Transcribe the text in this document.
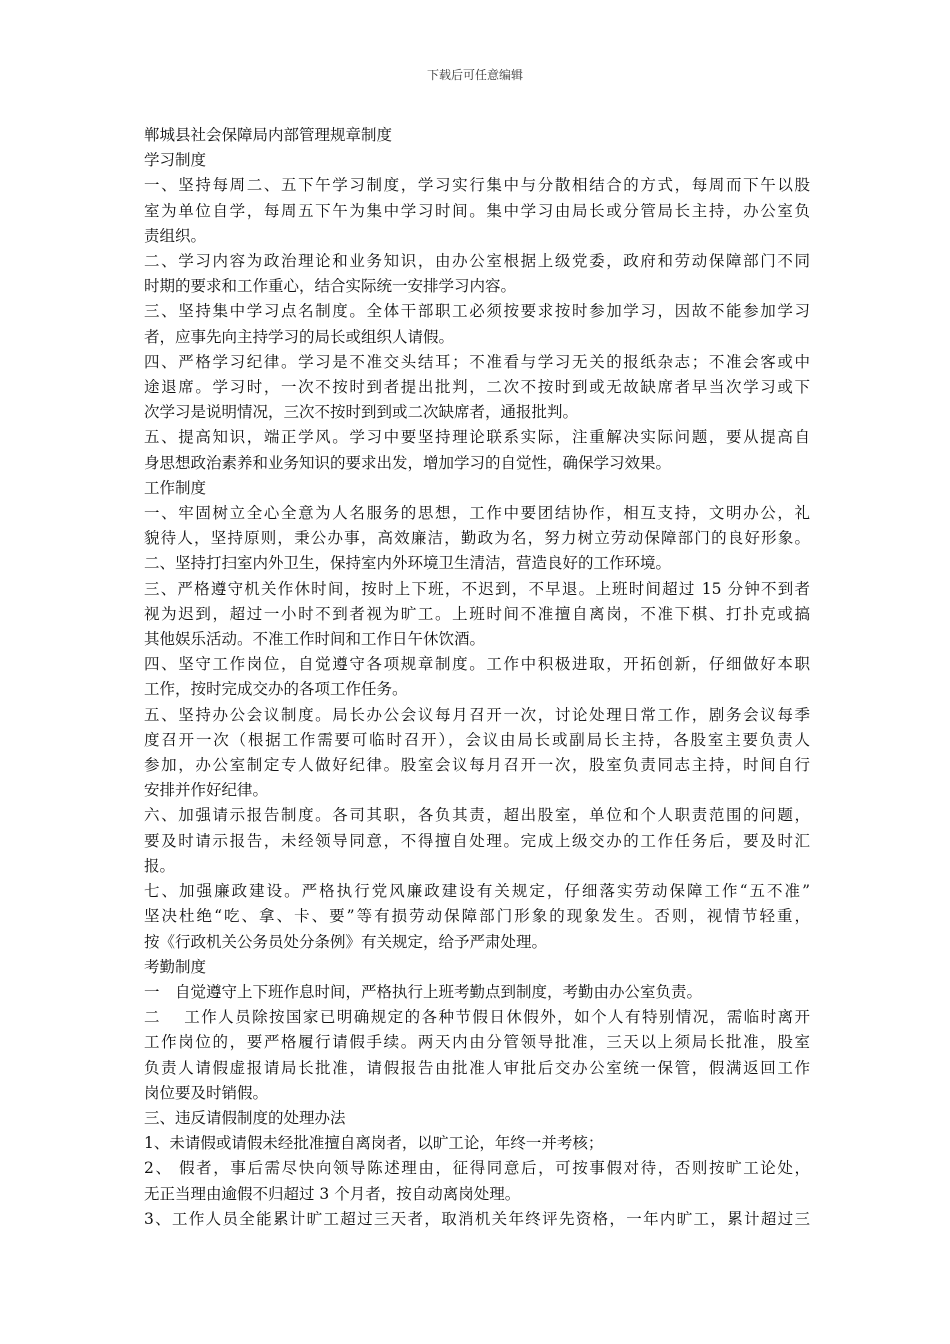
下载后可任意编辑

郸城县社会保障局内部管理规章制度

学习制度

一、坚持每周二、五下午学习制度，学习实行集中与分散相结合的方式，每周而下午以股

室为单位自学，每周五下午为集中学习时间。集中学习由局长或分管局长主持，办公室负

责组织。

二、学习内容为政治理论和业务知识，由办公室根据上级党委，政府和劳动保障部门不同

时期的要求和工作重心，结合实际统一安排学习内容。

三、坚持集中学习点名制度。全体干部职工必须按要求按时参加学习，因故不能参加学习

者，应事先向主持学习的局长或组织人请假。

四、严格学习纪律。学习是不准交头结耳；不准看与学习无关的报纸杂志；不准会客或中

途退席。学习时，一次不按时到者提出批判，二次不按时到或无故缺席者早当次学习或下

次学习是说明情况，三次不按时到到或二次缺席者，通报批判。

五、提高知识，端正学风。学习中要坚持理论联系实际，注重解决实际问题，要从提高自

身思想政治素养和业务知识的要求出发，增加学习的自觉性，确保学习效果。

工作制度

一、牢固树立全心全意为人名服务的思想，工作中要团结协作，相互支持，文明办公，礼

貌待人，坚持原则，秉公办事，高效廉洁，勤政为名，努力树立劳动保障部门的良好形象。

二、坚持打扫室内外卫生，保持室内外环境卫生清洁，营造良好的工作环境。

三、严格遵守机关作休时间，按时上下班，不迟到，不早退。上班时间超过 15 分钟不到者

视为迟到，超过一小时不到者视为旷工。上班时间不准擅自离岗，不准下棋、打扑克或搞

其他娱乐活动。不准工作时间和工作日午休饮酒。

四、坚守工作岗位，自觉遵守各项规章制度。工作中积极进取，开拓创新，仔细做好本职

工作，按时完成交办的各项工作任务。

五、坚持办公会议制度。局长办公会议每月召开一次，讨论处理日常工作，剧务会议每季

度召开一次（根据工作需要可临时召开），会议由局长或副局长主持，各股室主要负责人

参加，办公室制定专人做好纪律。股室会议每月召开一次，股室负责同志主持，时间自行

安排并作好纪律。

六、加强请示报告制度。各司其职，各负其责，超出股室，单位和个人职责范围的问题，

要及时请示报告，未经领导同意，不得擅自处理。完成上级交办的工作任务后，要及时汇

报。

七、加强廉政建设。严格执行党风廉政建设有关规定，仔细落实劳动保障工作“五不准”

坚决杜绝“吃、拿、卡、要”等有损劳动保障部门形象的现象发生。否则，视情节轻重，

按《行政机关公务员处分条例》有关规定，给予严肃处理。

考勤制度

一　自觉遵守上下班作息时间，严格执行上班考勤点到制度，考勤由办公室负责。

二　 工作人员除按国家已明确规定的各种节假日休假外，如个人有特别情况，需临时离开

工作岗位的，要严格履行请假手续。两天内由分管领导批准，三天以上须局长批准，股室

负责人请假虚报请局长批准，请假报告由批准人审批后交办公室统一保管，假满返回工作

岗位要及时销假。

三、违反请假制度的处理办法

1、未请假或请假未经批准擅自离岗者，以旷工论，年终一并考核；

2、 假者，事后需尽快向领导陈述理由，征得同意后，可按事假对待，否则按旷工论处，

无正当理由逾假不归超过 3 个月者，按自动离岗处理。

3、工作人员全能累计旷工超过三天者，取消机关年终评先资格，一年内旷工，累计超过三
